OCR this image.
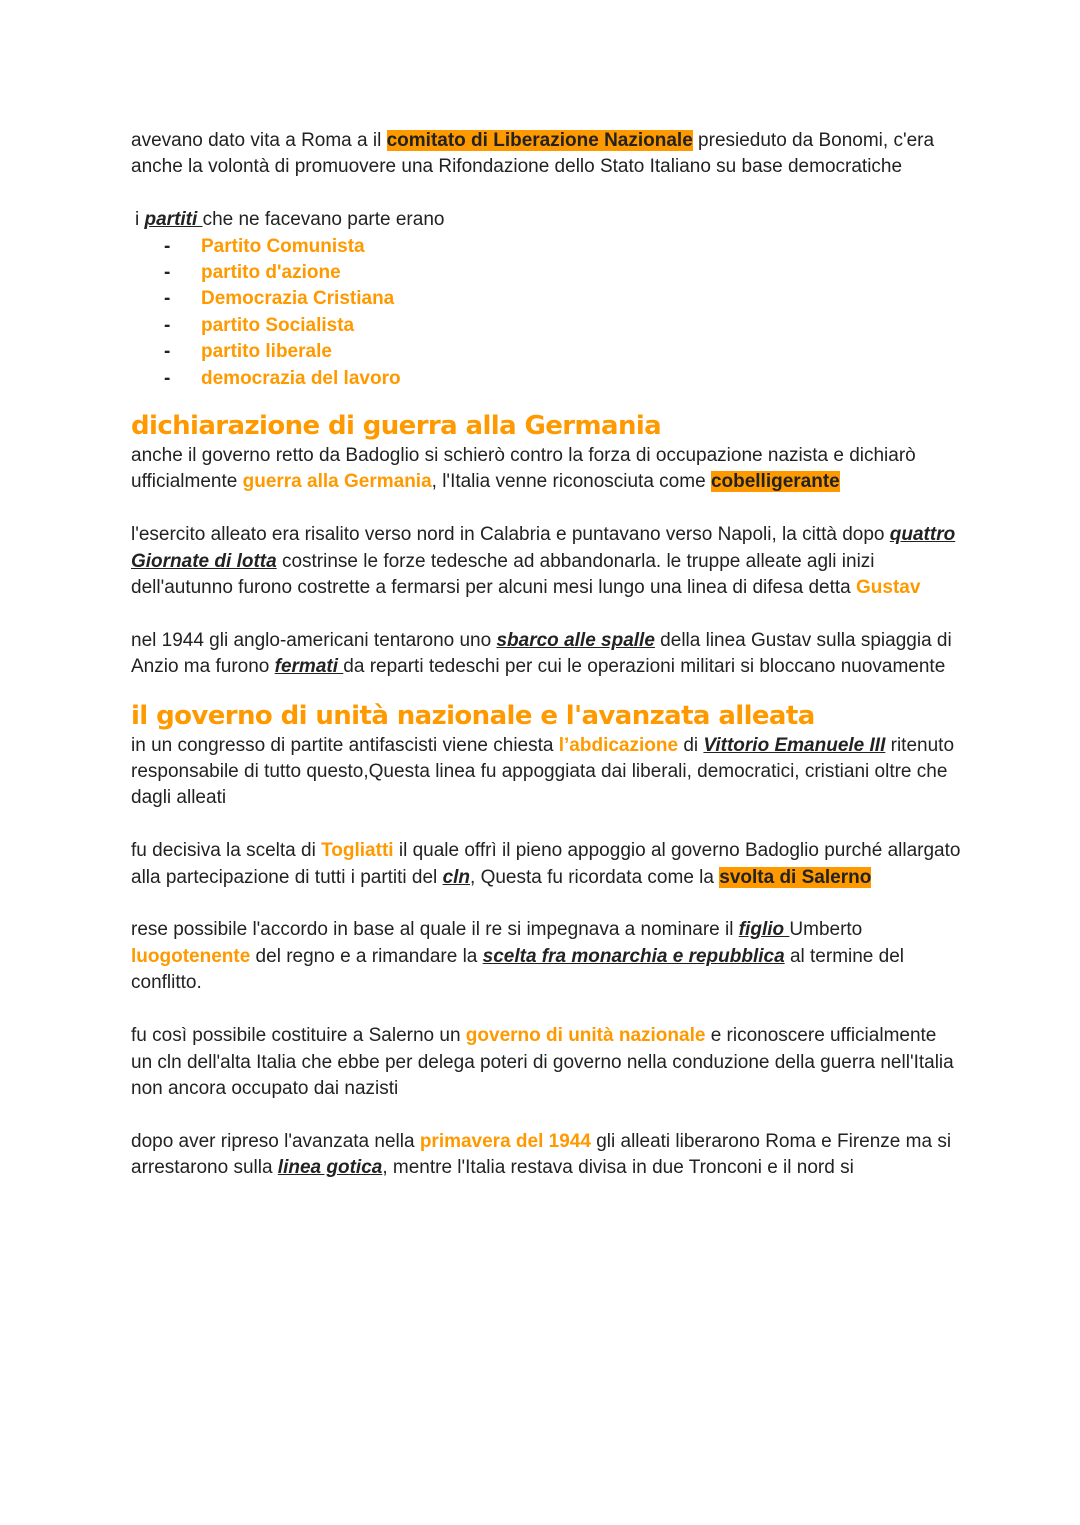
avevano dato vita a Roma a il comitato di Liberazione Nazionale presieduto da Bonomi, c'era anche la volontà di promuovere una Rifondazione dello Stato Italiano su base democratiche

i partiti che ne facevano parte erano

- Partito Comunista
- partito d'azione
- Democrazia Cristiana
- partito Socialista
- partito liberale
- democrazia del lavoro
dichiarazione di guerra alla Germania

anche il governo retto da Badoglio si schierò contro la forza di occupazione nazista e dichiarò ufficialmente guerra alla Germania, l'Italia venne riconosciuta come cobelligerante

l'esercito alleato era risalito verso nord in Calabria e puntavano verso Napoli, la città dopo quattro Giornate di lotta costrinse le forze tedesche ad abbandonarla. le truppe alleate agli inizi dell'autunno furono costrette a fermarsi per alcuni mesi lungo una linea di difesa detta Gustav

nel 1944 gli anglo-americani tentarono uno sbarco alle spalle della linea Gustav sulla spiaggia di Anzio ma furono fermati da reparti tedeschi per cui le operazioni militari si bloccano nuovamente

il governo di unità nazionale e l'avanzata alleata

in un congresso di partite antifascisti viene chiesta l’abdicazione di Vittorio Emanuele III ritenuto responsabile di tutto questo,Questa linea fu appoggiata dai liberali, democratici, cristiani oltre che dagli alleati

fu decisiva la scelta di Togliatti il quale offrì il pieno appoggio al governo Badoglio purché allargato alla partecipazione di tutti i partiti del cln, Questa fu ricordata come la svolta di Salerno

rese possibile l'accordo in base al quale il re si impegnava a nominare il figlio Umberto luogotenente del regno e a rimandare la scelta fra monarchia e repubblica al termine del conflitto.

fu così possibile costituire a Salerno un governo di unità nazionale e riconoscere ufficialmente un cln dell'alta Italia che ebbe per delega poteri di governo nella conduzione della guerra nell'Italia non ancora occupato dai nazisti

dopo aver ripreso l'avanzata nella primavera del 1944 gli alleati liberarono Roma e Firenze ma si arrestarono sulla linea gotica, mentre l'Italia restava divisa in due Tronconi e il nord si
